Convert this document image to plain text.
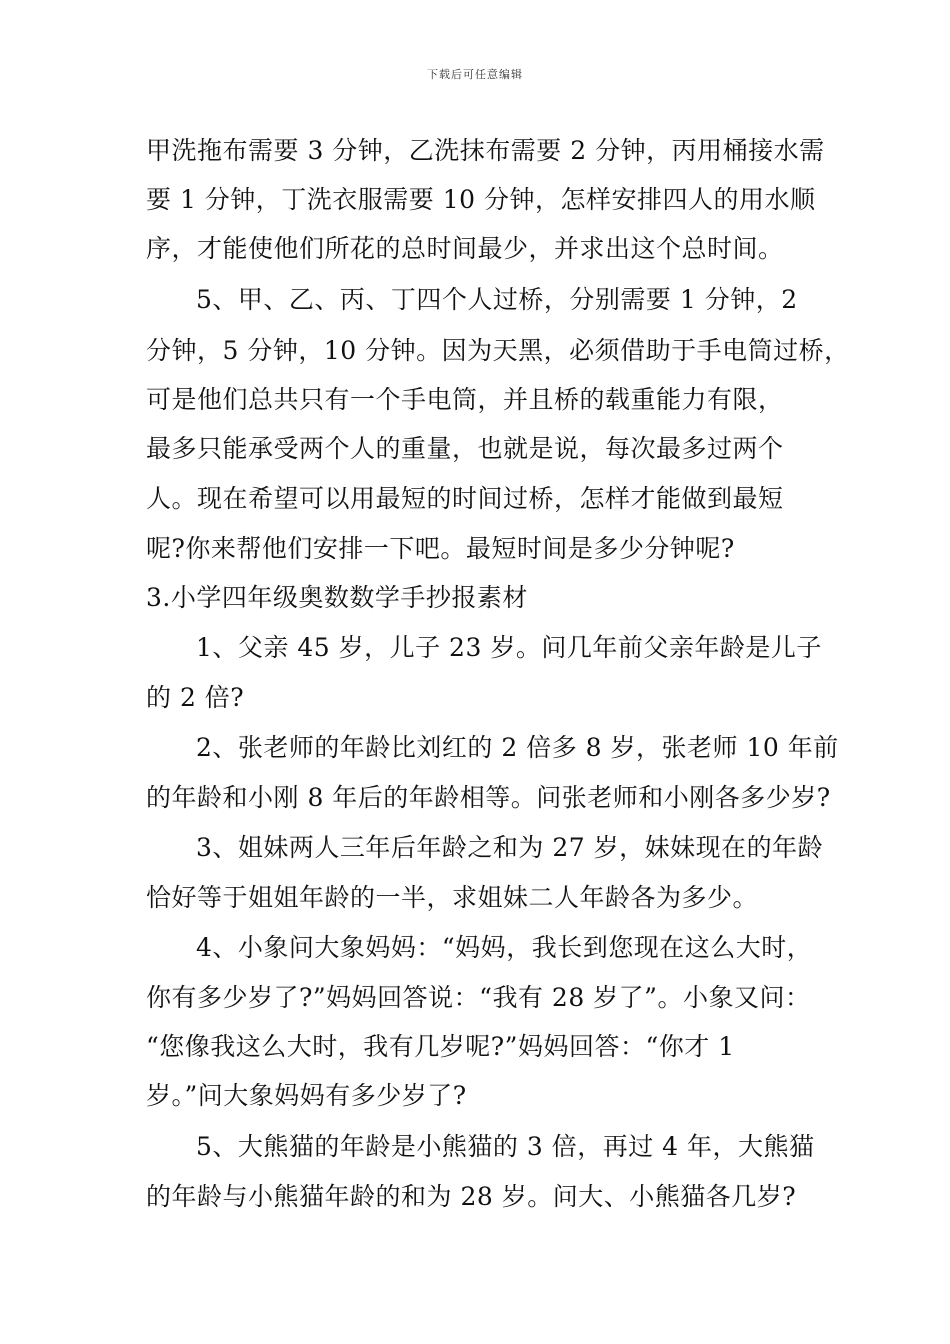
下载后可任意编辑
甲洗拖布需要 3 分钟，乙洗抹布需要 2 分钟，丙用桶接水需
要 1 分钟，丁洗衣服需要 10 分钟，怎样安排四人的用水顺
序，才能使他们所花的总时间最少，并求出这个总时间。
5、甲、乙、丙、丁四个人过桥，分别需要 1 分钟，2
分钟，5 分钟，10 分钟。因为天黑，必须借助于手电筒过桥，
可是他们总共只有一个手电筒，并且桥的载重能力有限，
最多只能承受两个人的重量，也就是说，每次最多过两个
人。现在希望可以用最短的时间过桥，怎样才能做到最短
呢?你来帮他们安排一下吧。最短时间是多少分钟呢?
3.小学四年级奥数数学手抄报素材
1、父亲 45 岁，儿子 23 岁。问几年前父亲年龄是儿子
的 2 倍?
2、张老师的年龄比刘红的 2 倍多 8 岁，张老师 10 年前
的年龄和小刚 8 年后的年龄相等。问张老师和小刚各多少岁?
3、姐妹两人三年后年龄之和为 27 岁，妹妹现在的年龄
恰好等于姐姐年龄的一半，求姐妹二人年龄各为多少。
4、小象问大象妈妈：“妈妈，我长到您现在这么大时，
你有多少岁了?”妈妈回答说：“我有 28 岁了”。小象又问：
“您像我这么大时，我有几岁呢?”妈妈回答：“你才 1
岁。”问大象妈妈有多少岁了?
5、大熊猫的年龄是小熊猫的 3 倍，再过 4 年，大熊猫
的年龄与小熊猫年龄的和为 28 岁。问大、小熊猫各几岁?
